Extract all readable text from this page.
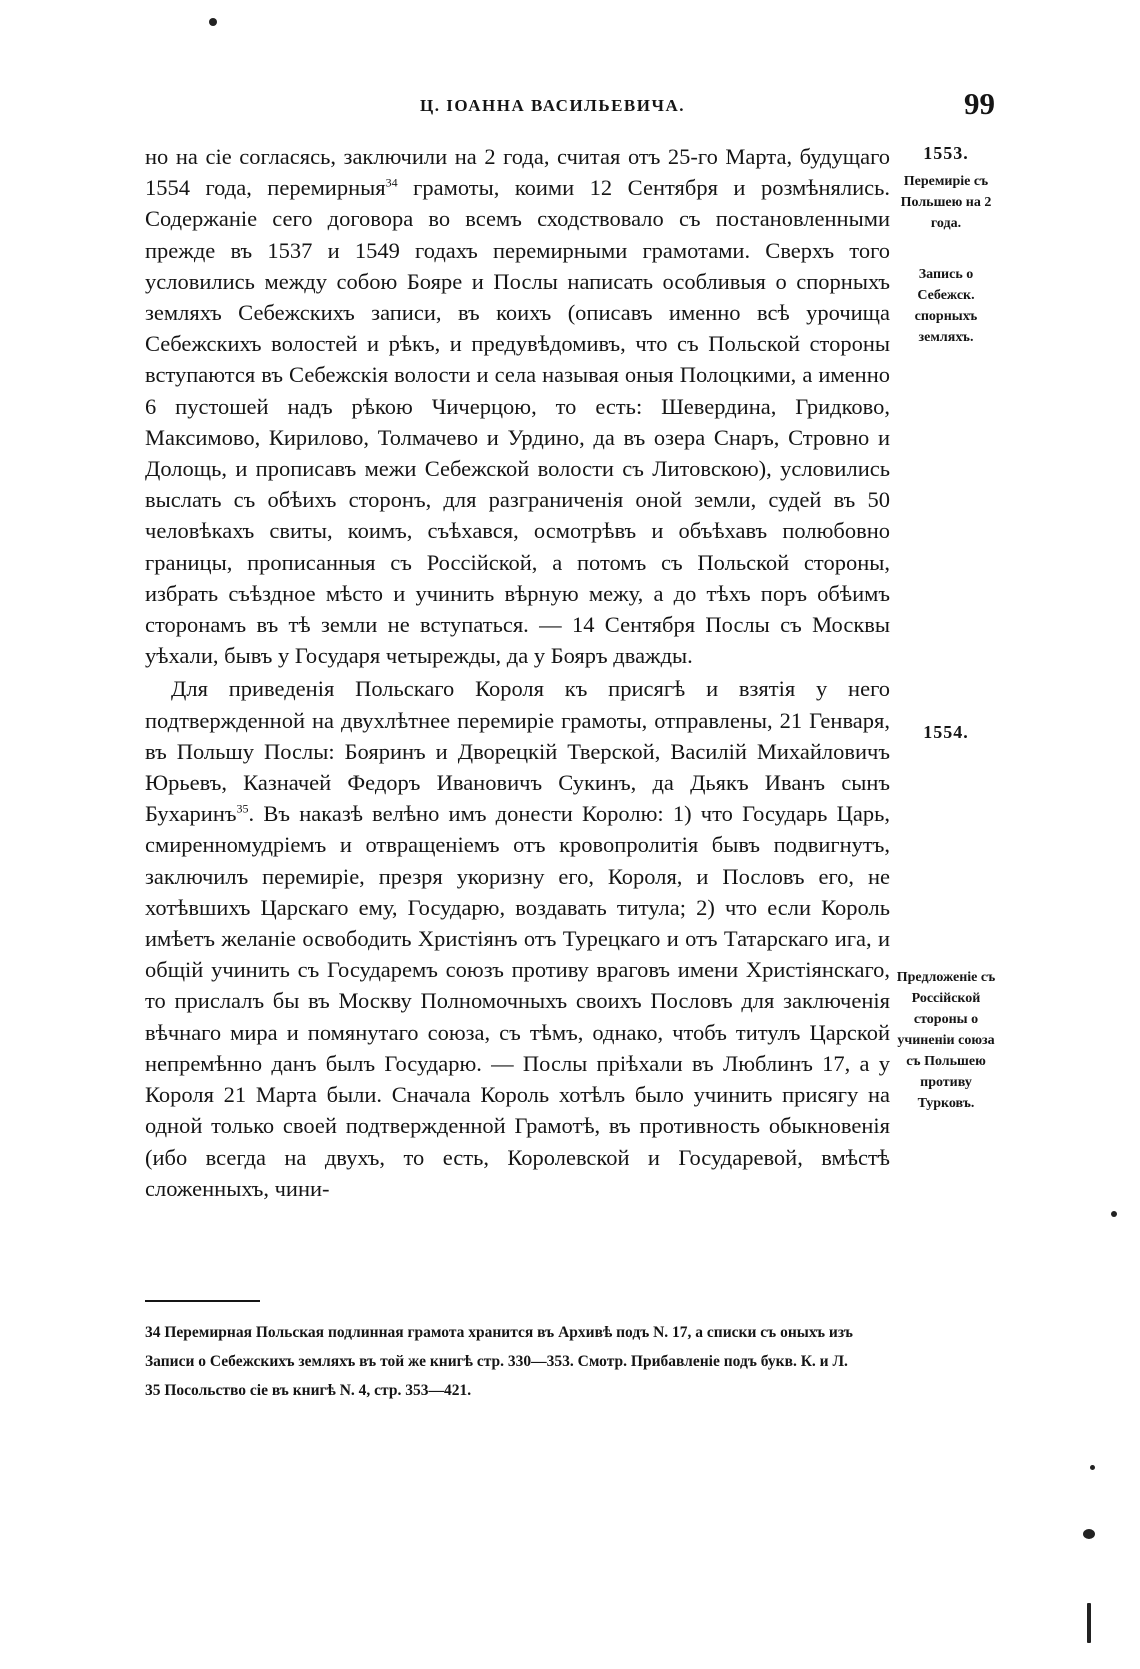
Ц. ІОАННА ВАСИЛЬЕВИЧА.	99

но на сіе согласясь, заключили на 2 года, считая отъ 25-го Марта, будущаго 1554 года, перемирныя$^{34}$ грамоты, коими 12 Сентября и розмѣнялись. Содержаніе сего договора во всемъ сходствовало съ постановленными прежде въ 1537 и 1549 годахъ перемирными грамотами. Сверхъ того условились между собою Бояре и Послы написать особливыя о спорныхъ земляхъ Себежскихъ записи, въ коихъ (описавъ именно всѣ урочища Себежскихъ волостей и рѣкъ, и предувѣдомивъ, что съ Польской стороны вступаются въ Себежскія волости и села называя оныя Полоцкими, а именно 6 пустошей надъ рѣкою Чичерцою, то есть: Шевердина, Гридково, Максимово, Кирилово, Толмачево и Урдино, да въ озера Снаръ, Стровно и Долощь, и прописавъ межи Себежской волости съ Литовскою), условились выслать съ обѣихъ сторонъ, для разграниченія оной земли, судей въ 50 человѣкахъ свиты, коимъ, съѣхався, осмотрѣвъ и объѣхавъ полюбовно границы, прописанныя съ Россійской, а потомъ съ Польской стороны, избрать съѣздное мѣсто и учинить вѣрную межу, а до тѣхъ поръ обѣимъ сторонамъ въ тѣ земли не вступаться. — 14 Сентября Послы съ Москвы уѣхали, бывъ у Государя четырежды, да у Бояръ дважды.

Для приведенія Польскаго Короля къ присягѣ и взятія у него подтвержденной на двухлѣтнее перемиріе грамоты, отправлены, 21 Генваря, въ Польшу Послы: Бояринъ и Дворецкій Тверской, Василій Михайловичъ Юрьевъ, Казначей Федоръ Ивановичъ Сукинъ, да Дьякъ Иванъ сынъ Бухаринъ$^{35}$. Въ наказѣ велѣно имъ донести Королю: 1) что Государь Царь, смиренномудріемъ и отвращеніемъ отъ кровопролитія бывъ подвигнутъ, заключилъ перемиріе, презря укоризну его, Короля, и Пословъ его, не хотѣвшихъ Царскаго ему, Государю, воздавать титула; 2) что если Король имѣетъ желаніе освободить Христіянъ отъ Турецкаго и отъ Татарскаго ига, и общій учинить съ Государемъ союзъ противу враговъ имени Христіянскаго, то прислалъ бы въ Москву Полномочныхъ своихъ Пословъ для заключенія вѣчнаго мира и помянутаго союза, съ тѣмъ, однако, чтобъ титулъ Царской непремѣнно данъ былъ Государю. — Послы пріѣхали въ Люблинъ 17, а у Короля 21 Марта были. Сначала Король хотѣлъ было учинить присягу на одной только своей подтвержденной Грамотѣ, въ противность обыкновенія (ибо всегда на двухъ, то есть, Королевской и Государевой, вмѣстѣ сложенныхъ, чини-

1553.
Перемиріе съ Польшею на 2 года.
Запись о Себежск. спорныхъ земляхъ.
1554.
Предложеніе съ Россійской стороны о учиненіи союза съ Польшею противу Турковъ.

34 Перемирная Польская подлинная грамота хранится въ Архивѣ подъ N. 17, а списки съ оныхъ изъ Записи о Себежскихъ земляхъ въ той же книгѣ стр. 330—353. Смотр. Прибавленіе подъ букв. К. и Л.

35 Посольство сіе въ книгѣ N. 4, стр. 353—421.
